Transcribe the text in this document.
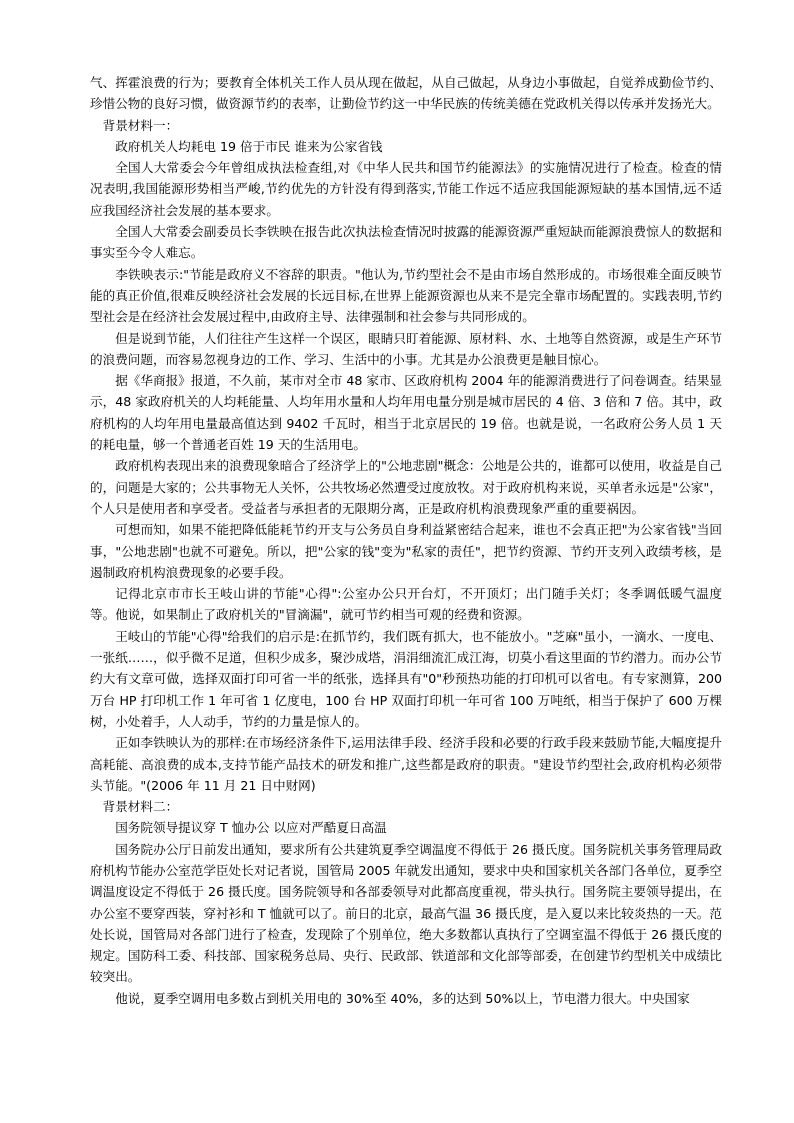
气、挥霍浪费的行为；要教育全体机关工作人员从现在做起，从自己做起，从身边小事做起，自觉养成勤俭节约、珍惜公物的良好习惯，做资源节约的表率，让勤俭节约这一中华民族的传统美德在党政机关得以传承并发扬光大。

背景材料一：

政府机关人均耗电 19 倍于市民 谁来为公家省钱

全国人大常委会今年曾组成执法检查组,对《中华人民共和国节约能源法》的实施情况进行了检查。检查的情况表明,我国能源形势相当严峻,节约优先的方针没有得到落实,节能工作远不适应我国能源短缺的基本国情,远不适应我国经济社会发展的基本要求。

全国人大常委会副委员长李铁映在报告此次执法检查情况时披露的能源资源严重短缺而能源浪费惊人的数据和事实至今令人难忘。

李铁映表示:"节能是政府义不容辞的职责。"他认为,节约型社会不是由市场自然形成的。市场很难全面反映节能的真正价值,很难反映经济社会发展的长远目标,在世界上能源资源也从来不是完全靠市场配置的。实践表明,节约型社会是在经济社会发展过程中,由政府主导、法律强制和社会参与共同形成的。

但是说到节能，人们往往产生这样一个误区，眼睛只盯着能源、原材料、水、土地等自然资源，或是生产环节的浪费问题，而容易忽视身边的工作、学习、生活中的小事。尤其是办公浪费更是触目惊心。

据《华商报》报道，不久前，某市对全市 48 家市、区政府机构 2004 年的能源消费进行了问卷调查。结果显示，48 家政府机关的人均耗能量、人均年用水量和人均年用电量分别是城市居民的 4 倍、3 倍和 7 倍。其中，政府机构的人均年用电量最高值达到 9402 千瓦时，相当于北京居民的 19 倍。也就是说，一名政府公务人员 1 天的耗电量，够一个普通老百姓 19 天的生活用电。

政府机构表现出来的浪费现象暗合了经济学上的"公地悲剧"概念：公地是公共的，谁都可以使用，收益是自己的，问题是大家的；公共事物无人关怀，公共牧场必然遭受过度放牧。对于政府机构来说，买单者永远是"公家"，个人只是使用者和享受者。受益者与承担者的无限期分离，正是政府机构浪费现象严重的重要祸因。

可想而知，如果不能把降低能耗节约开支与公务员自身利益紧密结合起来，谁也不会真正把"为公家省钱"当回事，"公地悲剧"也就不可避免。所以，把"公家的钱"变为"私家的责任"，把节约资源、节约开支列入政绩考核，是遏制政府机构浪费现象的必要手段。

记得北京市市长王岐山讲的节能"心得":公室办公只开台灯，不开顶灯；出门随手关灯；冬季调低暖气温度等。他说，如果制止了政府机关的"冒滴漏"，就可节约相当可观的经费和资源。

王岐山的节能"心得"给我们的启示是:在抓节约，我们既有抓大，也不能放小。"芝麻"虽小，一滴水、一度电、一张纸……，似乎微不足道，但积少成多，聚沙成塔，涓涓细流汇成江海，切莫小看这里面的节约潜力。而办公节约大有文章可做，选择双面打印可省一半的纸张，选择具有"0"秒预热功能的打印机可以省电。有专家测算，200 万台 HP 打印机工作 1 年可省 1 亿度电，100 台 HP 双面打印机一年可省 100 万吨纸，相当于保护了 600 万棵树，小处着手，人人动手，节约的力量是惊人的。

正如李铁映认为的那样:在市场经济条件下,运用法律手段、经济手段和必要的行政手段来鼓励节能,大幅度提升高耗能、高浪费的成本,支持节能产品技术的研发和推广,这些都是政府的职责。"建设节约型社会,政府机构必须带头节能。"(2006 年 11 月 21 日中财网)

背景材料二：

国务院领导提议穿 T 恤办公 以应对严酷夏日高温

国务院办公厅日前发出通知，要求所有公共建筑夏季空调温度不得低于 26 摄氏度。国务院机关事务管理局政府机构节能办公室范学臣处长对记者说，国管局 2005 年就发出通知，要求中央和国家机关各部门各单位，夏季空调温度设定不得低于 26 摄氏度。国务院领导和各部委领导对此都高度重视，带头执行。国务院主要领导提出，在办公室不要穿西装，穿衬衫和 T 恤就可以了。前日的北京，最高气温 36 摄氏度，是入夏以来比较炎热的一天。范处长说，国管局对各部门进行了检查，发现除了个别单位，绝大多数都认真执行了空调室温不得低于 26 摄氏度的规定。国防科工委、科技部、国家税务总局、央行、民政部、铁道部和文化部等部委，在创建节约型机关中成绩比较突出。

他说，夏季空调用电多数占到机关用电的 30%至 40%，多的达到 50%以上，节电潜力很大。中央国家
